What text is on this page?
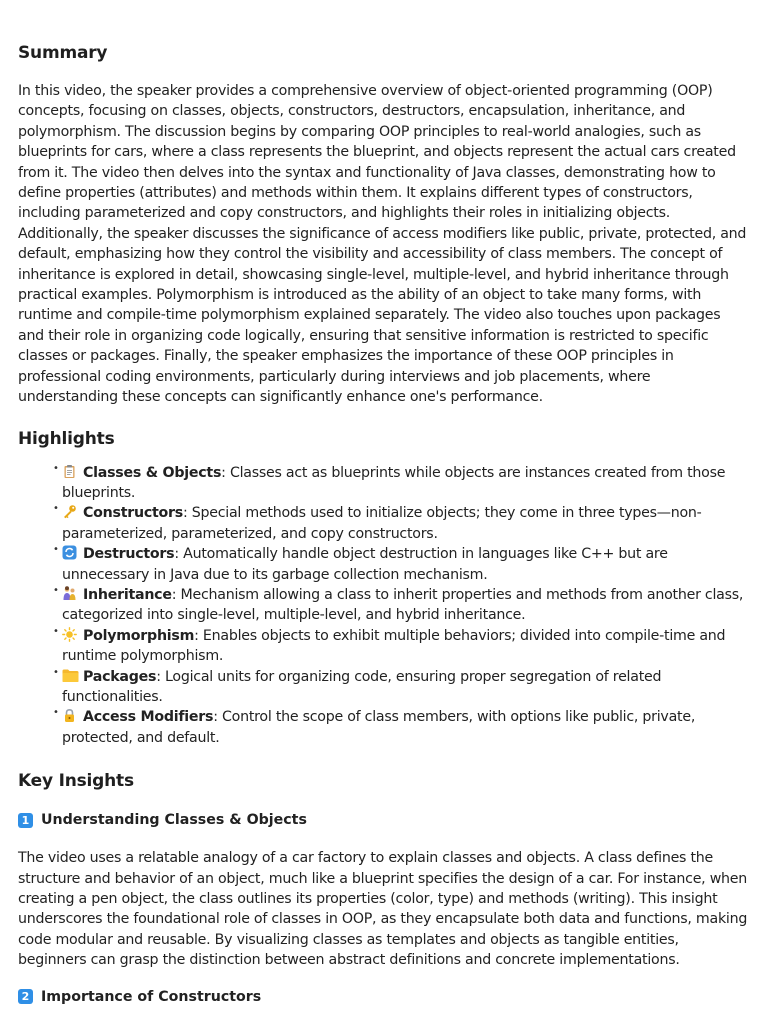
Summary

In this video, the speaker provides a comprehensive overview of object-oriented programming (OOP) concepts, focusing on classes, objects, constructors, destructors, encapsulation, inheritance, and polymorphism. The discussion begins by comparing OOP principles to real-world analogies, such as blueprints for cars, where a class represents the blueprint, and objects represent the actual cars created from it. The video then delves into the syntax and functionality of Java classes, demonstrating how to define properties (attributes) and methods within them. It explains different types of constructors, including parameterized and copy constructors, and highlights their roles in initializing objects. Additionally, the speaker discusses the significance of access modifiers like public, private, protected, and default, emphasizing how they control the visibility and accessibility of class members. The concept of inheritance is explored in detail, showcasing single-level, multiple-level, and hybrid inheritance through practical examples. Polymorphism is introduced as the ability of an object to take many forms, with runtime and compile-time polymorphism explained separately. The video also touches upon packages and their role in organizing code logically, ensuring that sensitive information is restricted to specific classes or packages. Finally, the speaker emphasizes the importance of these OOP principles in professional coding environments, particularly during interviews and job placements, where understanding these concepts can significantly enhance one's performance.

Highlights
• Classes & Objects: Classes act as blueprints while objects are instances created from those blueprints.
• Constructors: Special methods used to initialize objects; they come in three types—non-parameterized, parameterized, and copy constructors.
• Destructors: Automatically handle object destruction in languages like C++ but are unnecessary in Java due to its garbage collection mechanism.
• Inheritance: Mechanism allowing a class to inherit properties and methods from another class, categorized into single-level, multiple-level, and hybrid inheritance.
• Polymorphism: Enables objects to exhibit multiple behaviors; divided into compile-time and runtime polymorphism.
• Packages: Logical units for organizing code, ensuring proper segregation of related functionalities.
• Access Modifiers: Control the scope of class members, with options like public, private, protected, and default.
Key Insights
1 Understanding Classes & Objects

The video uses a relatable analogy of a car factory to explain classes and objects. A class defines the structure and behavior of an object, much like a blueprint specifies the design of a car. For instance, when creating a pen object, the class outlines its properties (color, type) and methods (writing). This insight underscores the foundational role of classes in OOP, as they encapsulate both data and functions, making code modular and reusable. By visualizing classes as templates and objects as tangible entities, beginners can grasp the distinction between abstract definitions and concrete implementations.

2 Importance of Constructors
